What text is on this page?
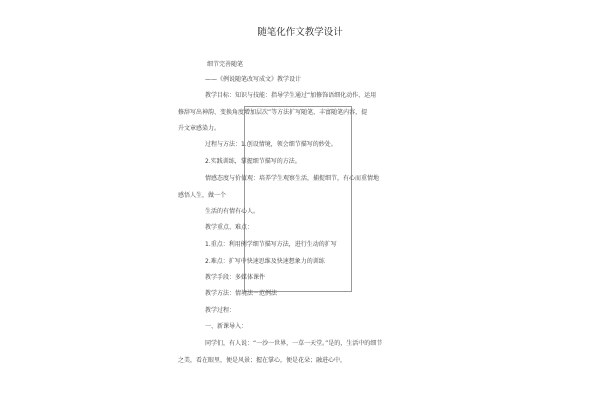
随笔化作文教学设计
细节完善随笔
——《例说随笔改写成文》教学设计
教学目标：知识与技能：指导学生通过“加修饰语细化动作、运用
修辞写出神韵、变换角度增加层次”等方法扩写随笔，丰富随笔内容，提
升文章感染力。
过程与方法：1.创设情境，领会细节描写的妙处。
2.实践训练，掌握细节描写的方法。
情感态度与价值观：培养学生观察生活，捕捉细节，有心而重情地
感悟人生，做一个
生活的有情有心人。
教学重点、难点：
1.重点：利用例学细节描写方法，进行生动的扩写
2.难点：扩写中快速思维及快速想象力的训练
教学手段：多媒体课件
教学方法：情境法－范例法
教学过程：
一、新课导入：
同学们，有人说：“一沙一世界，一草一天堂。”是的，生活中的细节
之美，看在眼里，便是风景；握在掌心，便是花朵；融进心中，
